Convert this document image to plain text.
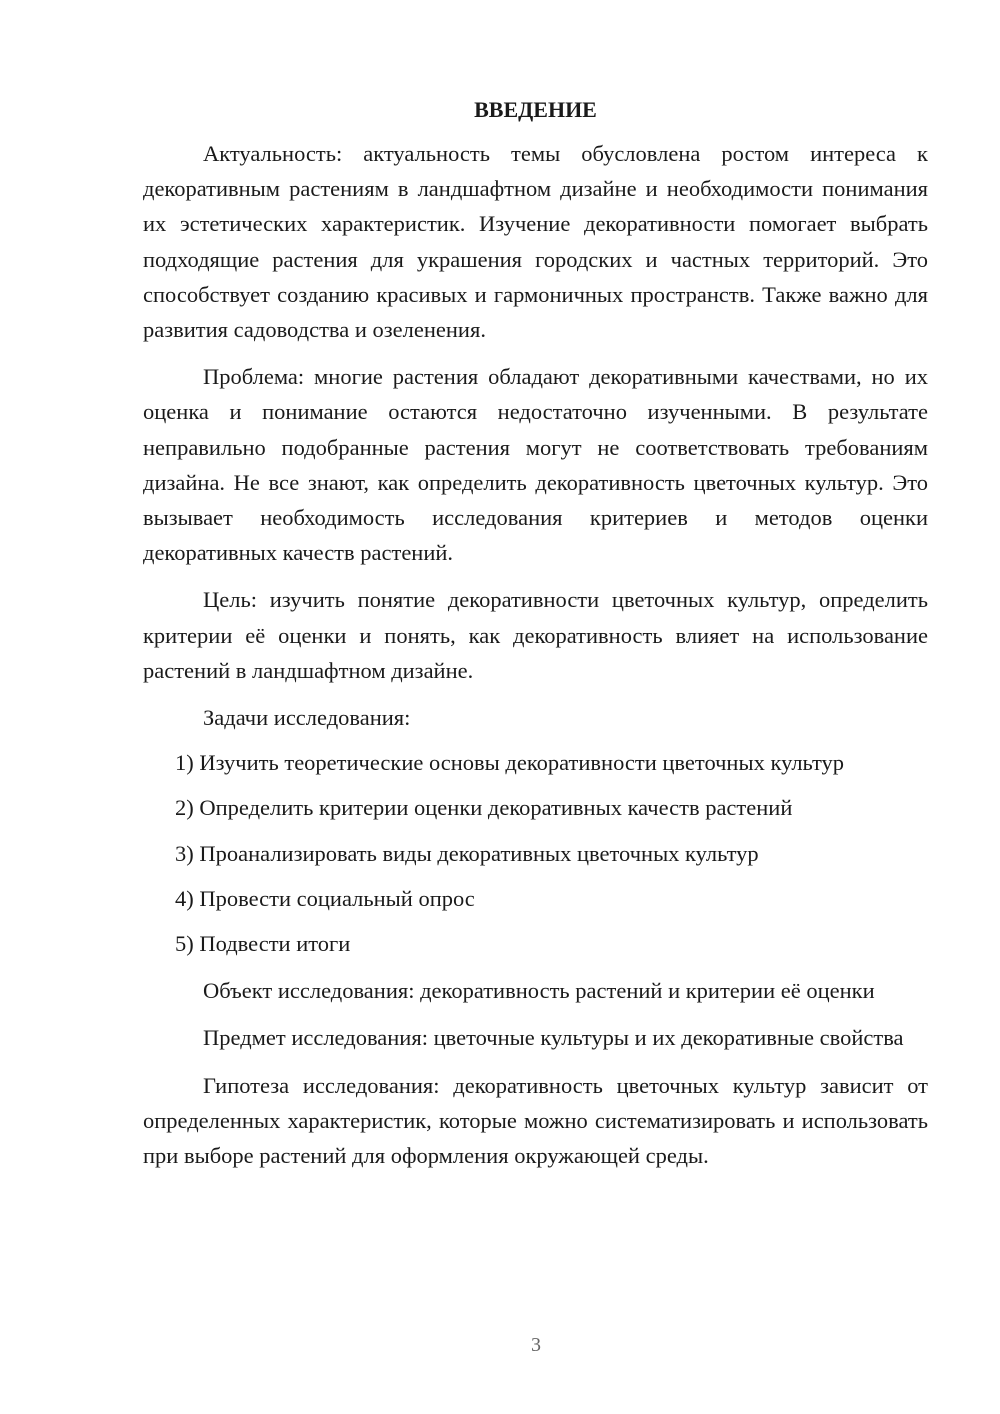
ВВЕДЕНИЕ

Актуальность: актуальность темы обусловлена ростом интереса к декоративным растениям в ландшафтном дизайне и необходимости понимания их эстетических характеристик. Изучение декоративности помогает выбрать подходящие растения для украшения городских и частных территорий. Это способствует созданию красивых и гармоничных пространств. Также важно для развития садоводства и озеленения.

Проблема: многие растения обладают декоративными качествами, но их оценка и понимание остаются недостаточно изученными. В результате неправильно подобранные растения могут не соответствовать требованиям дизайна. Не все знают, как определить декоративность цветочных культур. Это вызывает необходимость исследования критериев и методов оценки декоративных качеств растений.

Цель: изучить понятие декоративности цветочных культур, определить критерии её оценки и понять, как декоративность влияет на использование растений в ландшафтном дизайне.

Задачи исследования:

1) Изучить теоретические основы декоративности цветочных культур

2) Определить критерии оценки декоративных качеств растений

3) Проанализировать виды декоративных цветочных культур

4) Провести социальный опрос

5) Подвести итоги

Объект исследования: декоративность растений и критерии её оценки

Предмет исследования: цветочные культуры и их декоративные свойства

Гипотеза исследования: декоративность цветочных культур зависит от определенных характеристик, которые можно систематизировать и использовать при выборе растений для оформления окружающей среды.

3
